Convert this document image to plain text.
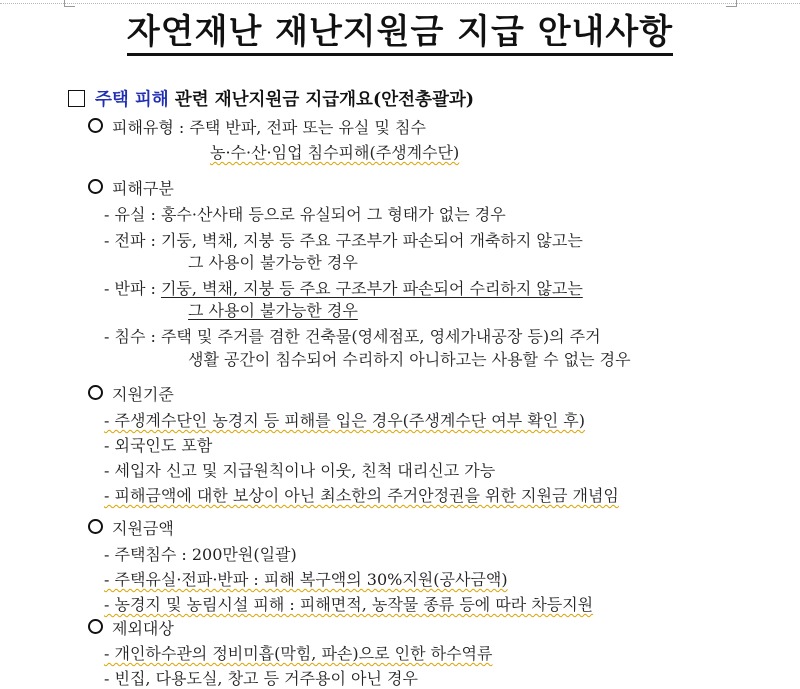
자연재난 재난지원금 지급 안내사항
주택 피해 관련 재난지원금 지급개요(안전총괄과)
피해유형 : 주택 반파, 전파 또는 유실 및 침수
농·수·산·임업 침수피해(주생계수단)
피해구분
- 유실 : 홍수·산사태 등으로 유실되어 그 형태가 없는 경우
- 전파 : 기둥, 벽채, 지붕 등 주요 구조부가 파손되어 개축하지 않고는
그 사용이 불가능한 경우
- 반파 : 기둥, 벽채, 지붕 등 주요 구조부가 파손되어 수리하지 않고는
그 사용이 불가능한 경우
- 침수 : 주택 및 주거를 겸한 건축물(영세점포, 영세가내공장 등)의 주거
생활 공간이 침수되어 수리하지 아니하고는 사용할 수 없는 경우
지원기준
- 주생계수단인 농경지 등 피해를 입은 경우(주생계수단 여부 확인 후)
- 외국인도 포함
- 세입자 신고 및 지급원칙이나 이웃, 친척 대리신고 가능
- 피해금액에 대한 보상이 아닌 최소한의 주거안정권을 위한 지원금 개념임
지원금액
- 주택침수 : 200만원(일괄)
- 주택유실·전파·반파 : 피해 복구액의 30%지원(공사금액)
- 농경지 및 농림시설 피해 : 피해면적, 농작물 종류 등에 따라 차등지원
제외대상
- 개인하수관의 정비미흡(막힘, 파손)으로 인한 하수역류
- 빈집, 다용도실, 창고 등 거주용이 아닌 경우
